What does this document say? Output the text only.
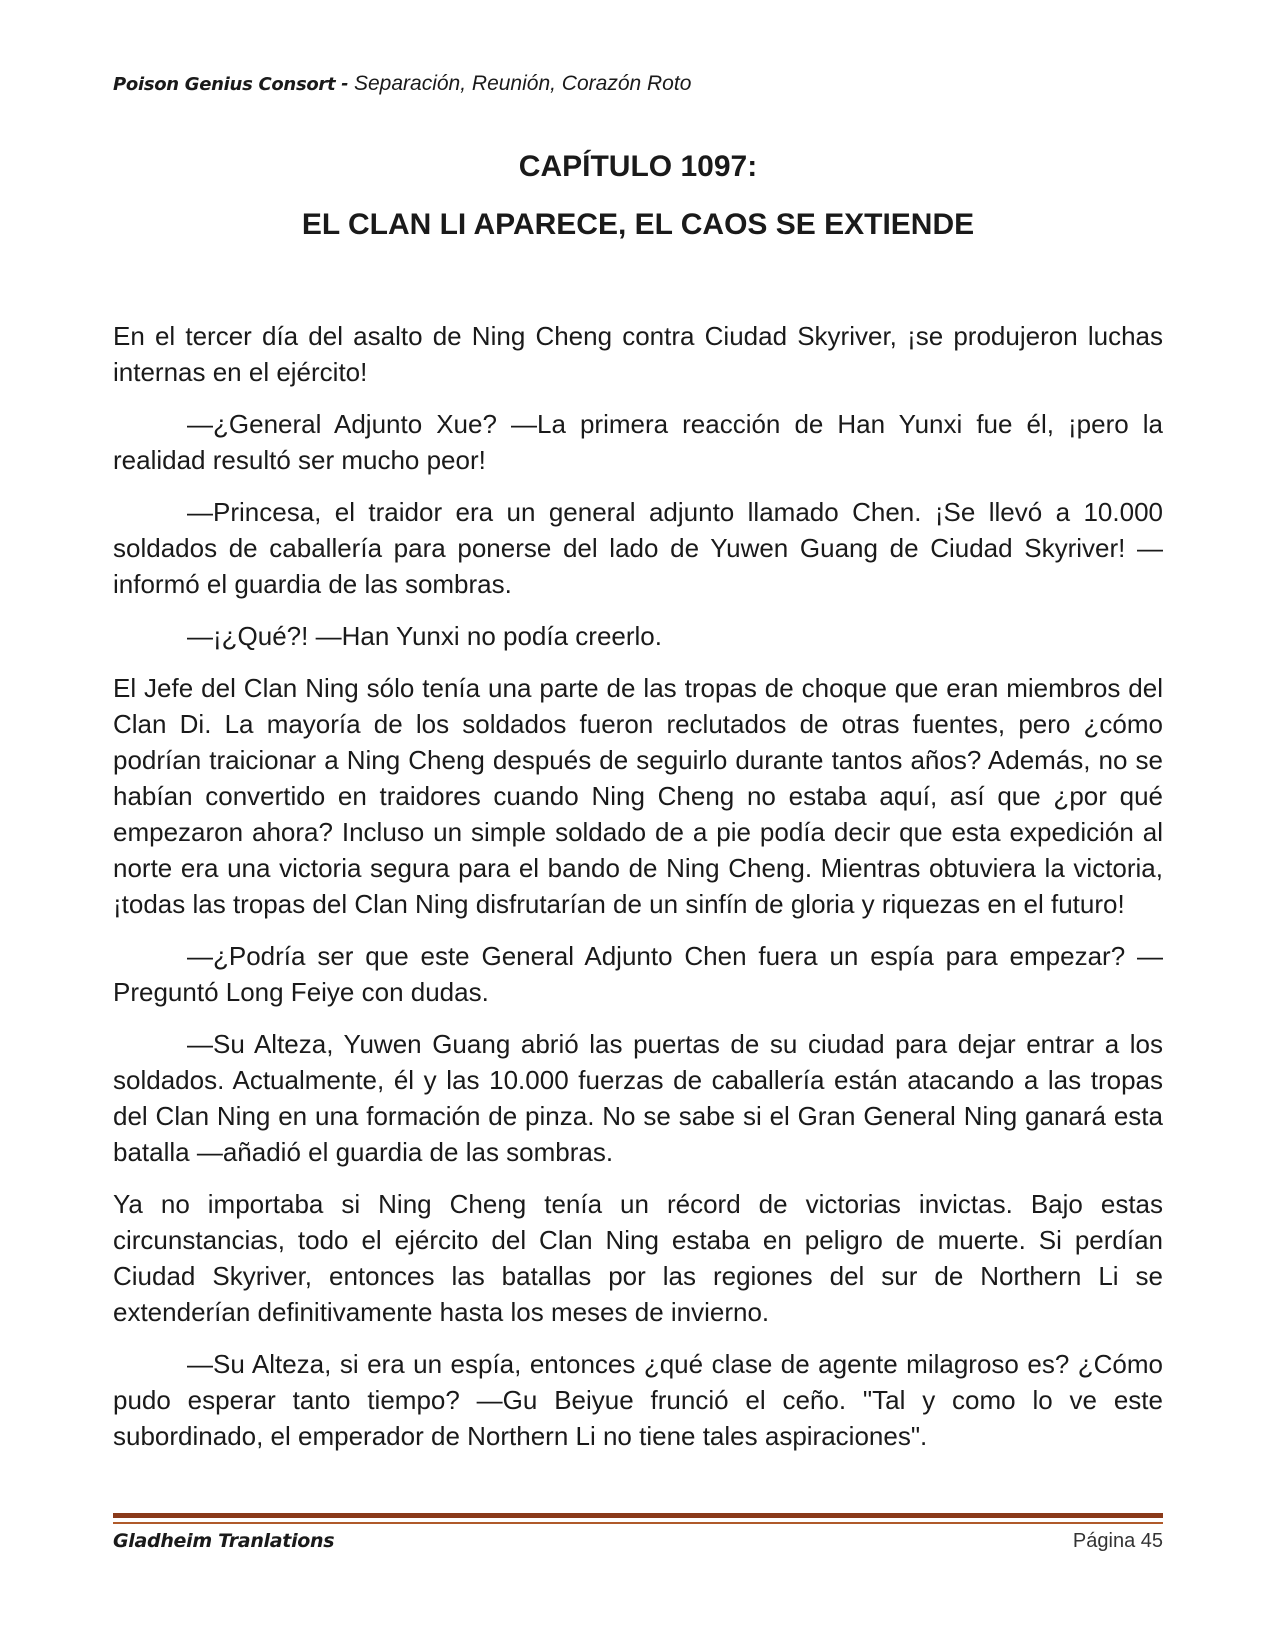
Poison Genius Consort - Separación, Reunión, Corazón Roto
CAPÍTULO 1097:
EL CLAN LI APARECE, EL CAOS SE EXTIENDE

En el tercer día del asalto de Ning Cheng contra Ciudad Skyriver, ¡se produjeron luchas internas en el ejército!

—¿General Adjunto Xue? —La primera reacción de Han Yunxi fue él, ¡pero la realidad resultó ser mucho peor!

—Princesa, el traidor era un general adjunto llamado Chen. ¡Se llevó a 10.000 soldados de caballería para ponerse del lado de Yuwen Guang de Ciudad Skyriver! —informó el guardia de las sombras.

—¡¿Qué?! —Han Yunxi no podía creerlo.

El Jefe del Clan Ning sólo tenía una parte de las tropas de choque que eran miembros del Clan Di. La mayoría de los soldados fueron reclutados de otras fuentes, pero ¿cómo podrían traicionar a Ning Cheng después de seguirlo durante tantos años? Además, no se habían convertido en traidores cuando Ning Cheng no estaba aquí, así que ¿por qué empezaron ahora? Incluso un simple soldado de a pie podía decir que esta expedición al norte era una victoria segura para el bando de Ning Cheng. Mientras obtuviera la victoria, ¡todas las tropas del Clan Ning disfrutarían de un sinfín de gloria y riquezas en el futuro!

—¿Podría ser que este General Adjunto Chen fuera un espía para empezar? —Preguntó Long Feiye con dudas.

—Su Alteza, Yuwen Guang abrió las puertas de su ciudad para dejar entrar a los soldados. Actualmente, él y las 10.000 fuerzas de caballería están atacando a las tropas del Clan Ning en una formación de pinza. No se sabe si el Gran General Ning ganará esta batalla —añadió el guardia de las sombras.

Ya no importaba si Ning Cheng tenía un récord de victorias invictas. Bajo estas circunstancias, todo el ejército del Clan Ning estaba en peligro de muerte. Si perdían Ciudad Skyriver, entonces las batallas por las regiones del sur de Northern Li se extenderían definitivamente hasta los meses de invierno.

—Su Alteza, si era un espía, entonces ¿qué clase de agente milagroso es? ¿Cómo pudo esperar tanto tiempo? —Gu Beiyue frunció el ceño. "Tal y como lo ve este subordinado, el emperador de Northern Li no tiene tales aspiraciones".

Gladheim Tranlations	Página 45
